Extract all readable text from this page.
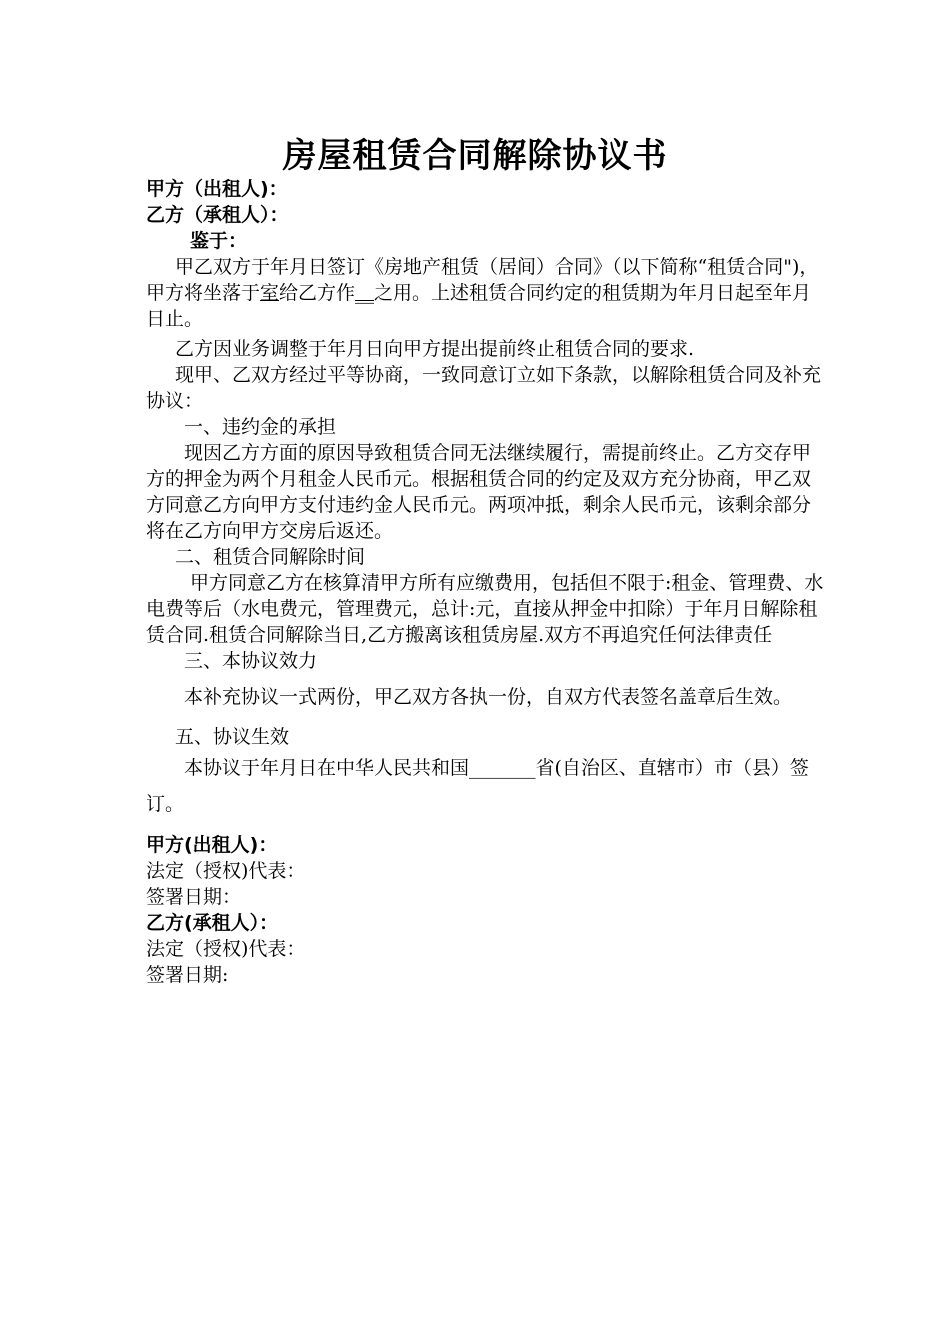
房屋租赁合同解除协议书

甲方（出租人)：

乙方（承租人）：

鉴于：

甲乙双方于年月日签订《房地产租赁（居间）合同》（以下简称“租赁合同")，甲方将坐落于室给乙方作__之用。上述租赁合同约定的租赁期为年月日起至年月日止。

乙方因业务调整于年月日向甲方提出提前终止租赁合同的要求.

现甲、乙双方经过平等协商，一致同意订立如下条款，以解除租赁合同及补充协议：

一、违约金的承担

现因乙方方面的原因导致租赁合同无法继续履行，需提前终止。乙方交存甲方的押金为两个月租金人民币元。根据租赁合同的约定及双方充分协商，甲乙双方同意乙方向甲方支付违约金人民币元。两项冲抵，剩余人民币元，该剩余部分将在乙方向甲方交房后返还。

二、租赁合同解除时间

甲方同意乙方在核算清甲方所有应缴费用，包括但不限于:租金、管理费、水电费等后（水电费元，管理费元，总计:元，直接从押金中扣除）于年月日解除租赁合同.租赁合同解除当日,乙方搬离该租赁房屋.双方不再追究任何法律责任

三、本协议效力

本补充协议一式两份，甲乙双方各执一份，自双方代表签名盖章后生效。

五、协议生效

本协议于年月日在中华人民共和国_______省(自治区、直辖市）市（县）签订。

甲方(出租人)：

法定（授权)代表：

签署日期：

乙方(承租人）：

法定（授权)代表：

签署日期:
